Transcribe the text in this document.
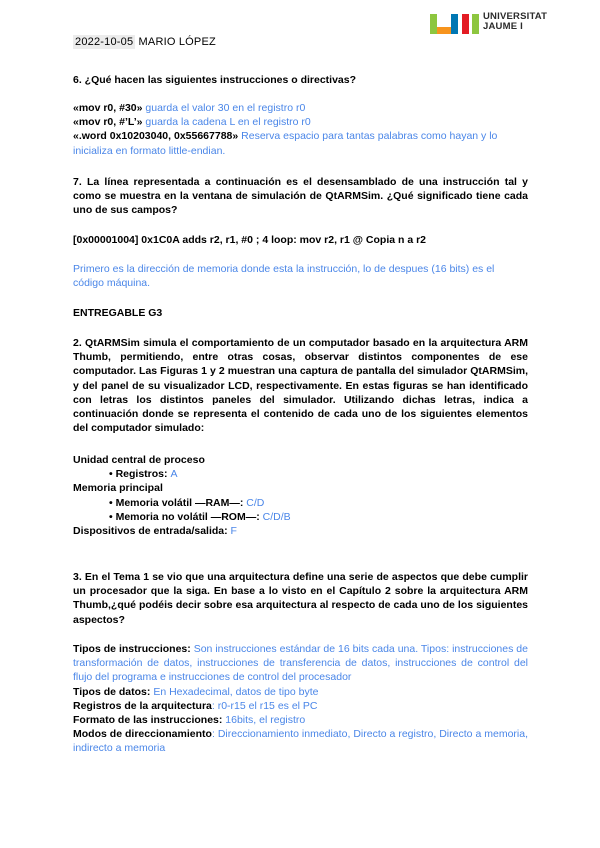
2022-10-05 MARIO LÓPEZ
UNIVERSITAT
JAUME I
6. ¿Qué hacen las siguientes instrucciones o directivas?
«mov r0, #30» guarda el valor 30 en el registro r0
«mov r0, #’L’» guarda la cadena L en el registro r0
«.word 0x10203040, 0x55667788» Reserva espacio para tantas palabras como hayan y lo inicializa en formato little-endian.
7. La línea representada a continuación es el desensamblado de una instrucción tal y como se muestra en la ventana de simulación de QtARMSim. ¿Qué significado tiene cada uno de sus campos?
[0x00001004] 0x1C0A adds r2, r1, #0 ; 4 loop: mov r2, r1 @ Copia n a r2
Primero es la dirección de memoria donde esta la instrucción, lo de despues (16 bits) es el código máquina.
ENTREGABLE G3
2. QtARMSim simula el comportamiento de un computador basado en la arquitectura ARM Thumb, permitiendo, entre otras cosas, observar distintos componentes de ese computador. Las Figuras 1 y 2 muestran una captura de pantalla del simulador QtARMSim, y del panel de su visualizador LCD, respectivamente. En estas figuras se han identificado con letras los distintos paneles del simulador. Utilizando dichas letras, indica a continuación donde se representa el contenido de cada uno de los siguientes elementos del computador simulado:
Unidad central de proceso
• Registros: A
Memoria principal
• Memoria volátil —RAM—: C/D
• Memoria no volátil —ROM—: C/D/B
Dispositivos de entrada/salida: F
3. En el Tema 1 se vio que una arquitectura define una serie de aspectos que debe cumplir un procesador que la siga. En base a lo visto en el Capítulo 2 sobre la arquitectura ARM Thumb,¿qué podéis decir sobre esa arquitectura al respecto de cada uno de los siguientes aspectos?
Tipos de instrucciones: Son instrucciones estándar de 16 bits cada una. Tipos: instrucciones de transformación de datos, instrucciones de transferencia de datos, instrucciones de control del flujo del programa e instrucciones de control del procesador
Tipos de datos: En Hexadecimal, datos de tipo byte
Registros de la arquitectura: r0-r15 el r15 es el PC
Formato de las instrucciones: 16bits, el registro
Modos de direccionamiento: Direccionamiento inmediato, Directo a registro, Directo a memoria, indirecto a memoria
